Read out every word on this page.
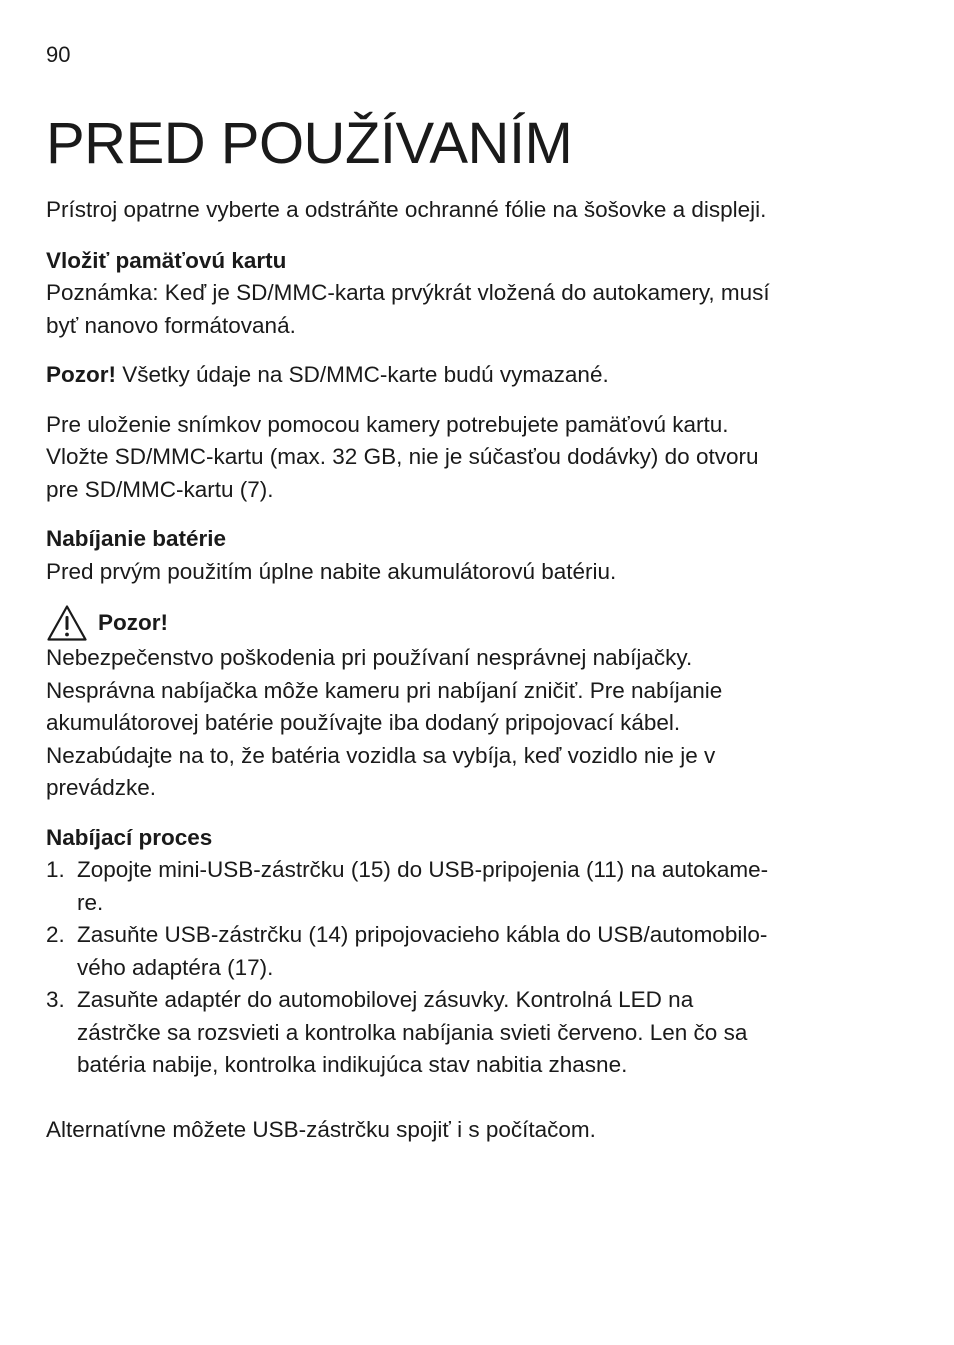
90
PRED POUŽÍVANÍM

Prístroj opatrne vyberte a odstráňte ochranné fólie na šošovke a displeji.

Vložiť pamäťovú kartu

Poznámka: Keď je SD/MMC-karta prvýkrát vložená do autokamery, musí
byť nanovo formátovaná.

Pozor! Všetky údaje na SD/MMC-karte budú vymazané.

Pre uloženie snímkov pomocou kamery potrebujete pamäťovú kartu.
Vložte SD/MMC-kartu (max. 32 GB, nie je súčasťou dodávky) do otvoru
pre SD/MMC-kartu (7).

Nabíjanie batérie

Pred prvým použitím úplne nabite akumulátorovú batériu.

Pozor!

Nebezpečenstvo poškodenia pri používaní nesprávnej nabíjačky.
Nesprávna nabíjačka môže kameru pri nabíjaní zničiť. Pre nabíjanie
akumulátorovej batérie používajte iba dodaný pripojovací kábel.
Nezabúdajte na to, že batéria vozidla sa vybíja, keď vozidlo nie je v
prevádzke.

Nabíjací proces
1. Zopojte mini-USB-zástrčku (15) do USB-pripojenia (11) na autokame-
re.
2. Zasuňte USB-zástrčku (14) pripojovacieho kábla do USB/automobilo-
vého adaptéra (17).
3. Zasuňte adaptér do automobilovej zásuvky. Kontrolná LED na
zástrčke sa rozsvieti a kontrolka nabíjania svieti červeno. Len čo sa
batéria nabije, kontrolka indikujúca stav nabitia zhasne.

Alternatívne môžete USB-zástrčku spojiť i s počítačom.
